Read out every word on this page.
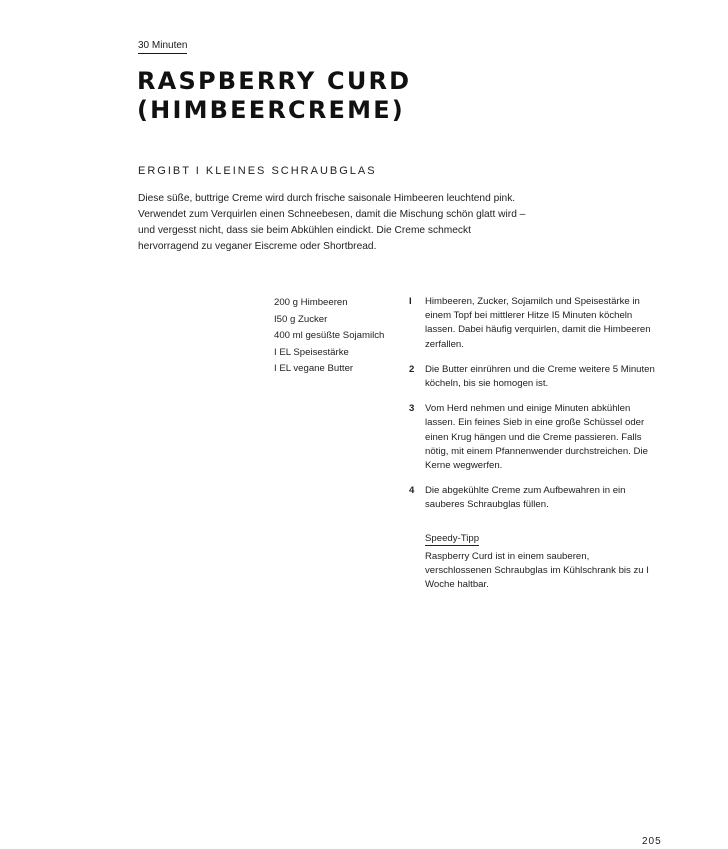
30 Minuten
RASPBERRY CURD
(HIMBEERCREME)
ERGIBT I KLEINES SCHRAUBGLAS

Diese süße, buttrige Creme wird durch frische saisonale Himbeeren leuchtend pink. Verwendet zum Verquirlen einen Schneebesen, damit die Mischung schön glatt wird – und vergesst nicht, dass sie beim Abkühlen eindickt. Die Creme schmeckt hervorragend zu veganer Eiscreme oder Shortbread.

200 g Himbeeren
I50 g Zucker
400 ml gesüßte Sojamilch
I EL Speisestärke
I EL vegane Butter
I Himbeeren, Zucker, Sojamilch und Speisestärke in einem Topf bei mittlerer Hitze I5 Minuten köcheln lassen. Dabei häufig verquirlen, damit die Himbeeren zerfallen.
2 Die Butter einrühren und die Creme weitere 5 Minuten köcheln, bis sie homogen ist.
3 Vom Herd nehmen und einige Minuten abkühlen lassen. Ein feines Sieb in eine große Schüssel oder einen Krug hängen und die Creme passieren. Falls nötig, mit einem Pfannenwender durchstreichen. Die Kerne wegwerfen.
4 Die abgekühlte Creme zum Aufbewahren in ein sauberes Schraubglas füllen.
Speedy-Tipp
Raspberry Curd ist in einem sauberen, verschlossenen Schraubglas im Kühlschrank bis zu I Woche haltbar.
205
